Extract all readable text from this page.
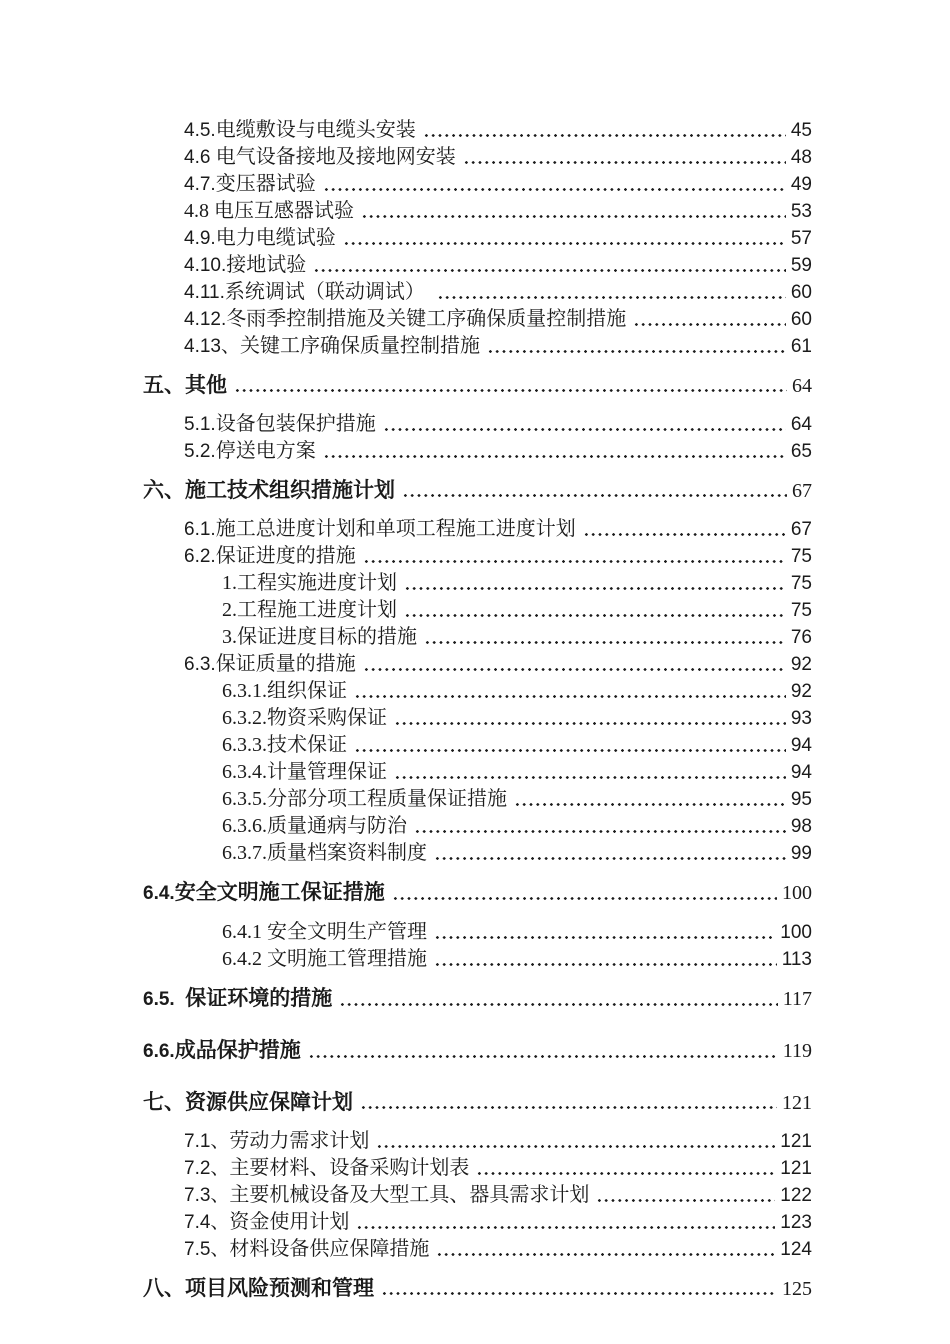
4.5. 电缆敷设与电缆头安装	45
4.6 电气设备接地及接地网安装	48
4.7. 变压器试验	49
4.8 电压互感器试验	53
4.9. 电力电缆试验	57
4.10. 接地试验	59
4.11. 系统调试（联动调试）	60
4.12. 冬雨季控制措施及关键工序确保质量控制措施	60
4.13、 关键工序确保质量控制措施	61
五、 其他	64
5.1. 设备包装保护措施	64
5.2. 停送电方案	65
六、 施工技术组织措施计划	67
6.1. 施工总进度计划和单项工程施工进度计划	67
6.2. 保证进度的措施	75
1. 工程实施进度计划	75
2. 工程施工进度计划	75
3. 保证进度目标的措施	76
6.3. 保证质量的措施	92
6.3.1. 组织保证	92
6.3.2. 物资采购保证	93
6.3.3. 技术保证	94
6.3.4. 计量管理保证	94
6.3.5. 分部分项工程质量保证措施	95
6.3.6. 质量通病与防治	98
6.3.7. 质量档案资料制度	99
6.4. 安全文明施工保证措施	100
6.4.1 安全文明生产管理	100
6.4.2 文明施工管理措施	113
6.5. 保证环境的措施	117
6.6. 成品保护措施	119
七、 资源供应保障计划	121
7.1、 劳动力需求计划	121
7.2、 主要材料、设备采购计划表	121
7.3、 主要机械设备及大型工具、器具需求计划	122
7.4、 资金使用计划	123
7.5、 材料设备供应保障措施	124
八、 项目风险预测和管理	125
